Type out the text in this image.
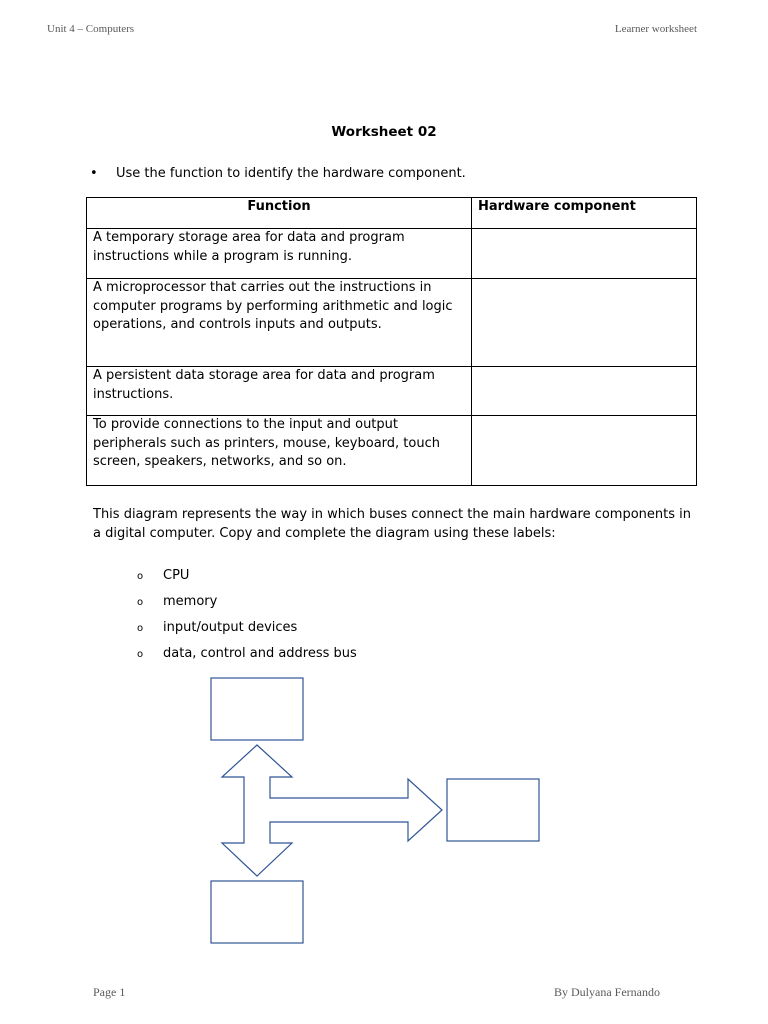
Unit 4 – Computers	Learner worksheet
Worksheet 02
• Use the function to identify the hardware component.
Function	Hardware component
A temporary storage area for data and program instructions while a program is running.	
A microprocessor that carries out the instructions in computer programs by performing arithmetic and logic operations, and controls inputs and outputs.	
A persistent data storage area for data and program instructions.	
To provide connections to the input and output peripherals such as printers, mouse, keyboard, touch screen, speakers, networks, and so on.	
This diagram represents the way in which buses connect the main hardware components in a digital computer. Copy and complete the diagram using these labels:
o CPU
o memory
o input/output devices
o data, control and address bus
Page 1	By Dulyana Fernando
